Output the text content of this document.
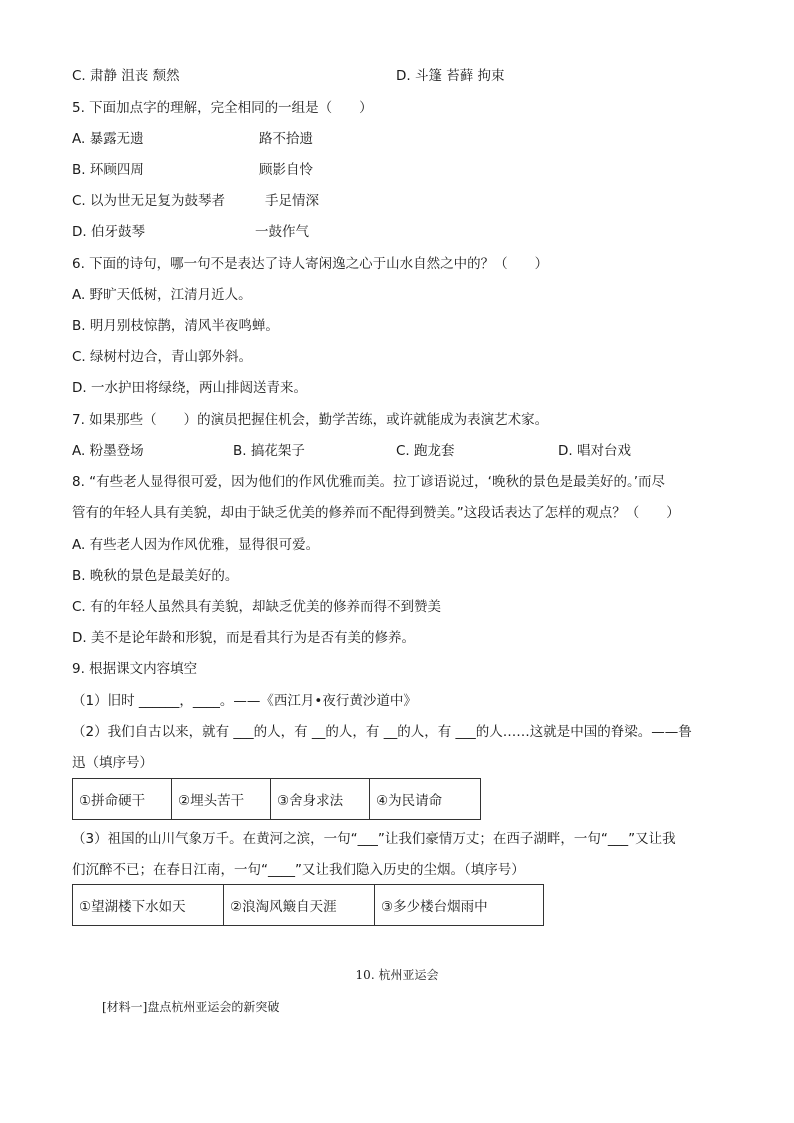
C. 肃静 沮丧 颓然	D. 斗篷 苔藓 拘束
5. 下面加点字的理解，完全相同的一组是（　　）
A. 暴露无遗	路不拾遗
B. 环顾四周	顾影自怜
C. 以为世无足复为鼓琴者	手足情深
D. 伯牙鼓琴	一鼓作气
6. 下面的诗句，哪一句不是表达了诗人寄闲逸之心于山水自然之中的？（　　）
A. 野旷天低树，江清月近人。
B. 明月别枝惊鹊，清风半夜鸣蝉。
C. 绿树村边合，青山郭外斜。
D. 一水护田将绿绕，两山排闼送青来。
7. 如果那些（　　）的演员把握住机会，勤学苦练，或许就能成为表演艺术家。
A. 粉墨登场	B. 搞花架子	C. 跑龙套	D. 唱对台戏
8. “有些老人显得很可爱，因为他们的作风优雅而美。拉丁谚语说过，‘晚秋的景色是最美好的。’而尽
管有的年轻人具有美貌，却由于缺乏优美的修养而不配得到赞美。”这段话表达了怎样的观点？（　　）
A. 有些老人因为作风优雅，显得很可爱。
B. 晚秋的景色是最美好的。
C. 有的年轻人虽然具有美貌，却缺乏优美的修养而得不到赞美
D. 美不是论年龄和形貌，而是看其行为是否有美的修养。
9. 根据课文内容填空
（1）旧时 ______，____。——《西江月•夜行黄沙道中》
（2）我们自古以来，就有 ___的人，有 __的人，有 __的人，有 ___的人……这就是中国的脊梁。——鲁
迅（填序号）
①拼命硬干	②埋头苦干	③舍身求法	④为民请命
（3）祖国的山川气象万千。在黄河之滨，一句“___”让我们豪情万丈；在西子湖畔，一句“___”又让我
们沉醉不已；在春日江南，一句“____”又让我们隐入历史的尘烟。（填序号）
①望湖楼下水如天	②浪淘风簸自天涯	③多少楼台烟雨中
10. 杭州亚运会
[材料一]盘点杭州亚运会的新突破
